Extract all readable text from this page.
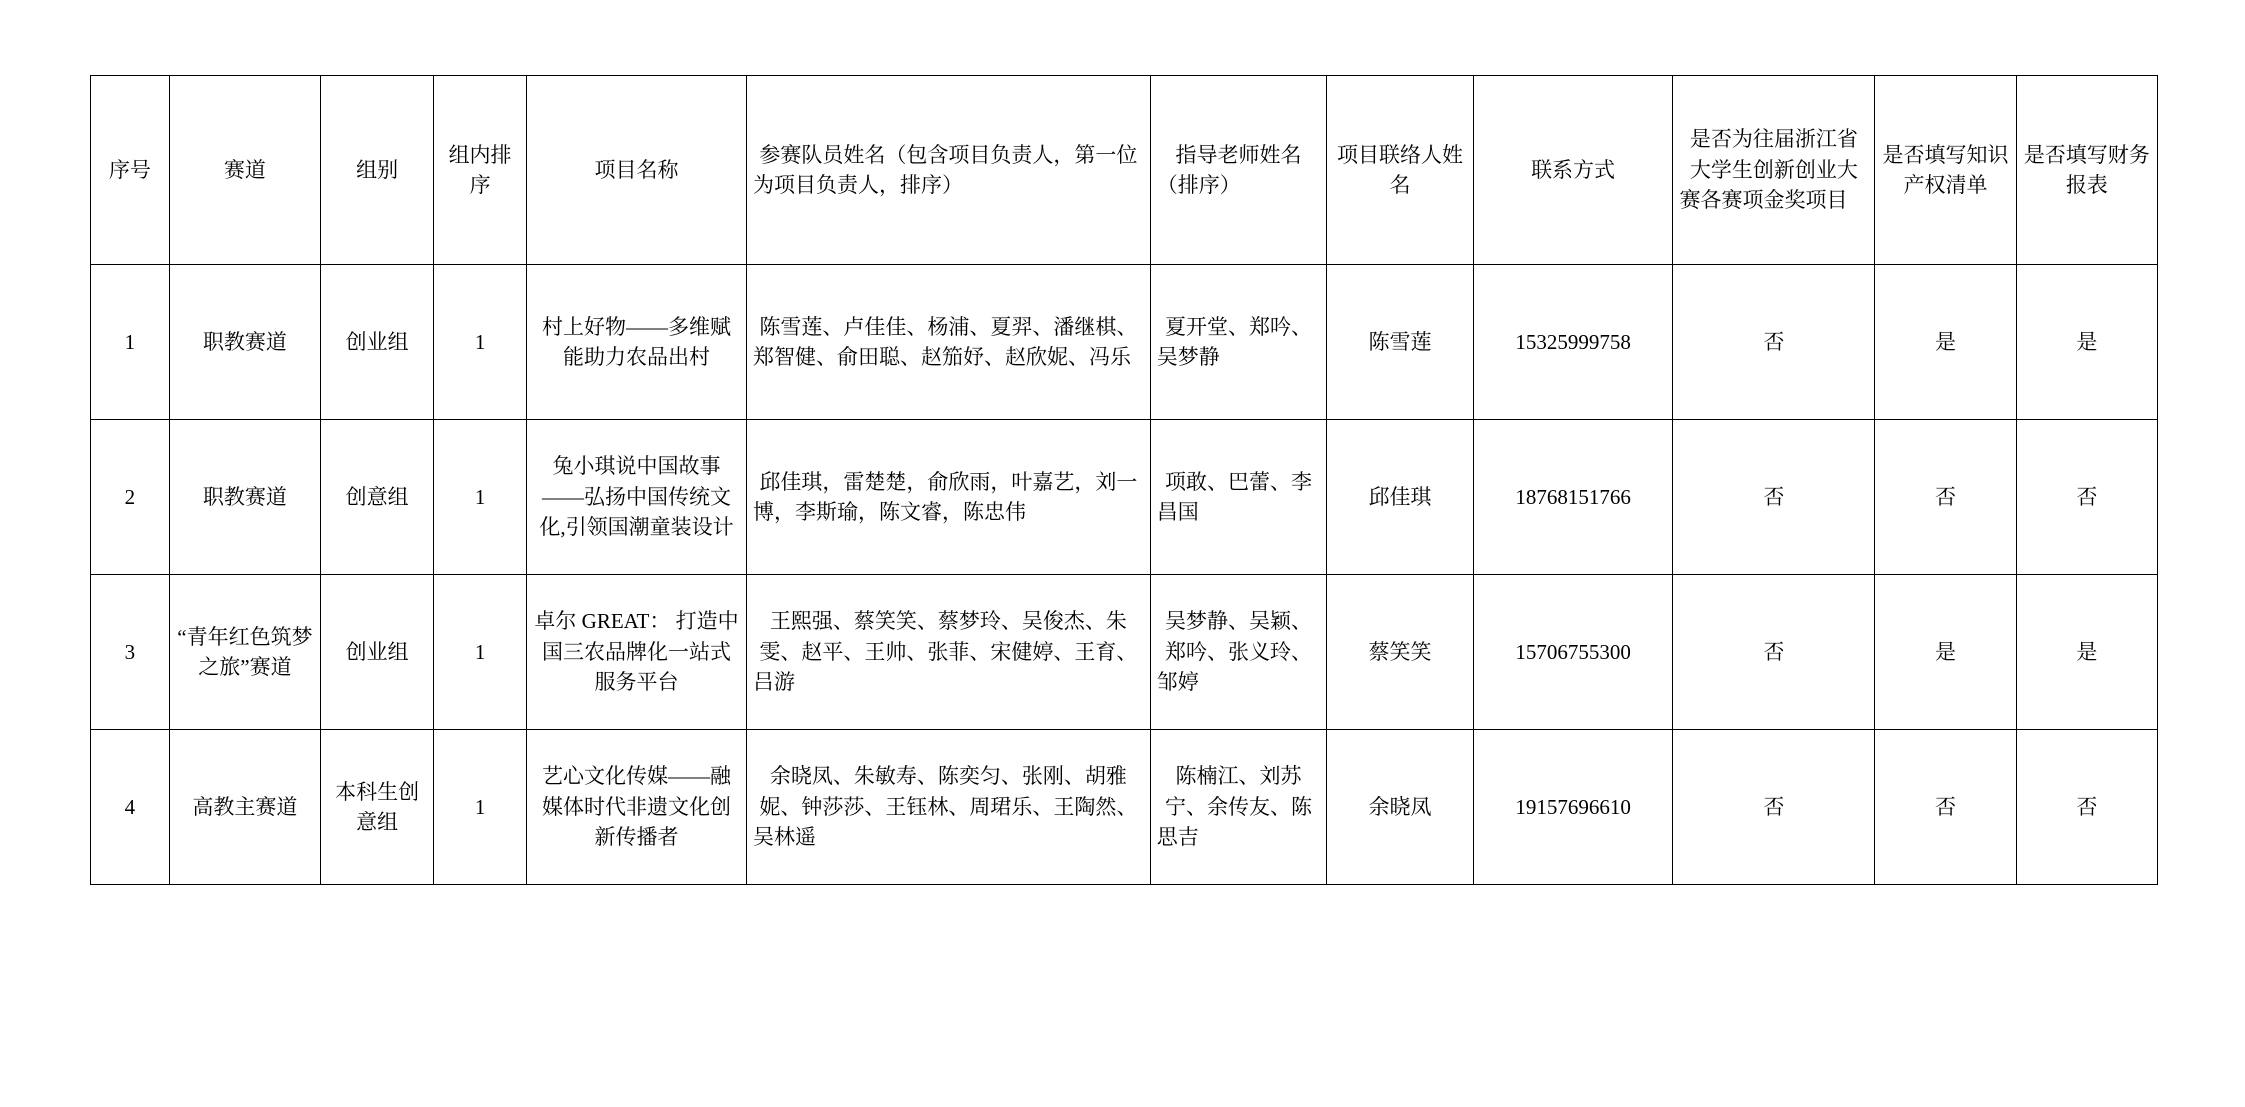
序号	赛道	组别	组内排序	项目名称	参赛队员姓名（包含项目负责人，第一位为项目负责人，排序）	指导老师姓名（排序）	项目联络人姓名	联系方式	是否为往届浙江省大学生创新创业大赛各赛项金奖项目	是否填写知识产权清单	是否填写财务报表
1	职教赛道	创业组	1	村上好物——多维赋能助力农品出村	陈雪莲、卢佳佳、杨浦、夏羿、潘继棋、郑智健、俞田聪、赵笳妤、赵欣妮、冯乐	夏开堂、郑吟、吴梦静	陈雪莲	15325999758	否	是	是
2	职教赛道	创意组	1	兔小琪说中国故事——弘扬中国传统文化,引领国潮童装设计	邱佳琪，雷楚楚，俞欣雨，叶嘉艺，刘一博，李斯瑜，陈文睿，陈忠伟	项敢、巴蕾、李昌国	邱佳琪	18768151766	否	否	否
3	“青年红色筑梦之旅”赛道	创业组	1	卓尔 GREAT： 打造中国三农品牌化一站式服务平台	王熙强、蔡笑笑、蔡梦玲、吴俊杰、朱雯、赵平、王帅、张菲、宋健婷、王育、吕游	吴梦静、吴颖、郑吟、张义玲、邹婷	蔡笑笑	15706755300	否	是	是
4	高教主赛道	本科生创意组	1	艺心文化传媒——融媒体时代非遗文化创新传播者	余晓凤、朱敏寿、陈奕匀、张刚、胡雅妮、钟莎莎、王钰林、周珺乐、王陶然、吴林遥	陈楠江、刘苏宁、余传友、陈思吉	余晓凤	19157696610	否	否	否
